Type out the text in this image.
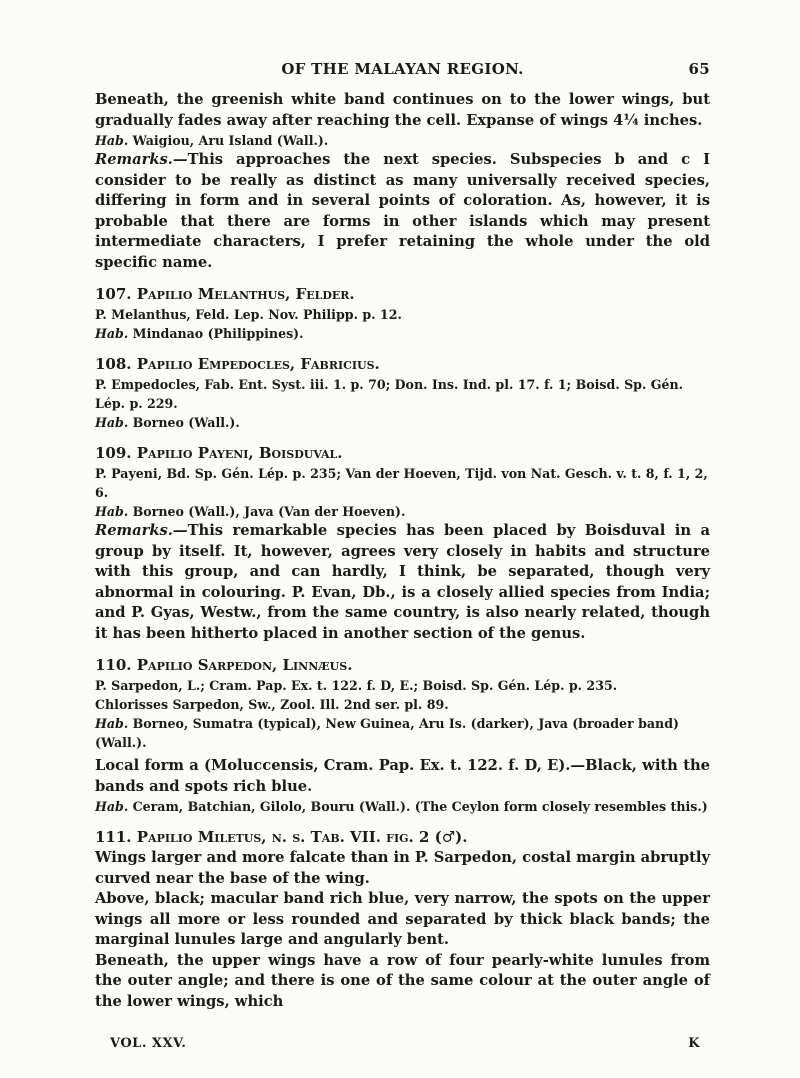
OF THE MALAYAN REGION.	65

Beneath, the greenish white band continues on to the lower wings, but gradually fades away after reaching the cell. Expanse of wings 4¼ inches.

Hab. Waigiou, Aru Island (Wall.).

Remarks.—This approaches the next species. Subspecies b and c I consider to be really as distinct as many universally received species, differing in form and in several points of coloration. As, however, it is probable that there are forms in other islands which may present intermediate characters, I prefer retaining the whole under the old specific name.

107. Papilio Melanthus, Felder.

P. Melanthus, Feld. Lep. Nov. Philipp. p. 12.

Hab. Mindanao (Philippines).

108. Papilio Empedocles, Fabricius.

P. Empedocles, Fab. Ent. Syst. iii. 1. p. 70; Don. Ins. Ind. pl. 17. f. 1; Boisd. Sp. Gén. Lép. p. 229.

Hab. Borneo (Wall.).

109. Papilio Payeni, Boisduval.

P. Payeni, Bd. Sp. Gén. Lép. p. 235; Van der Hoeven, Tijd. von Nat. Gesch. v. t. 8, f. 1, 2, 6.

Hab. Borneo (Wall.), Java (Van der Hoeven).

Remarks.—This remarkable species has been placed by Boisduval in a group by itself. It, however, agrees very closely in habits and structure with this group, and can hardly, I think, be separated, though very abnormal in colouring. P. Evan, Db., is a closely allied species from India; and P. Gyas, Westw., from the same country, is also nearly related, though it has been hitherto placed in another section of the genus.

110. Papilio Sarpedon, Linnæus.

P. Sarpedon, L.; Cram. Pap. Ex. t. 122. f. D, E.; Boisd. Sp. Gén. Lép. p. 235.

Chlorisses Sarpedon, Sw., Zool. Ill. 2nd ser. pl. 89.

Hab. Borneo, Sumatra (typical), New Guinea, Aru Is. (darker), Java (broader band) (Wall.).

Local form a (Moluccensis, Cram. Pap. Ex. t. 122. f. D, E).—Black, with the bands and spots rich blue.

Hab. Ceram, Batchian, Gilolo, Bouru (Wall.). (The Ceylon form closely resembles this.)

111. Papilio Miletus, n. s. Tab. VII. fig. 2 (♂).

Wings larger and more falcate than in P. Sarpedon, costal margin abruptly curved near the base of the wing.

Above, black; macular band rich blue, very narrow, the spots on the upper wings all more or less rounded and separated by thick black bands; the marginal lunules large and angularly bent.

Beneath, the upper wings have a row of four pearly-white lunules from the outer angle; and there is one of the same colour at the outer angle of the lower wings, which

VOL. XXV.	K
